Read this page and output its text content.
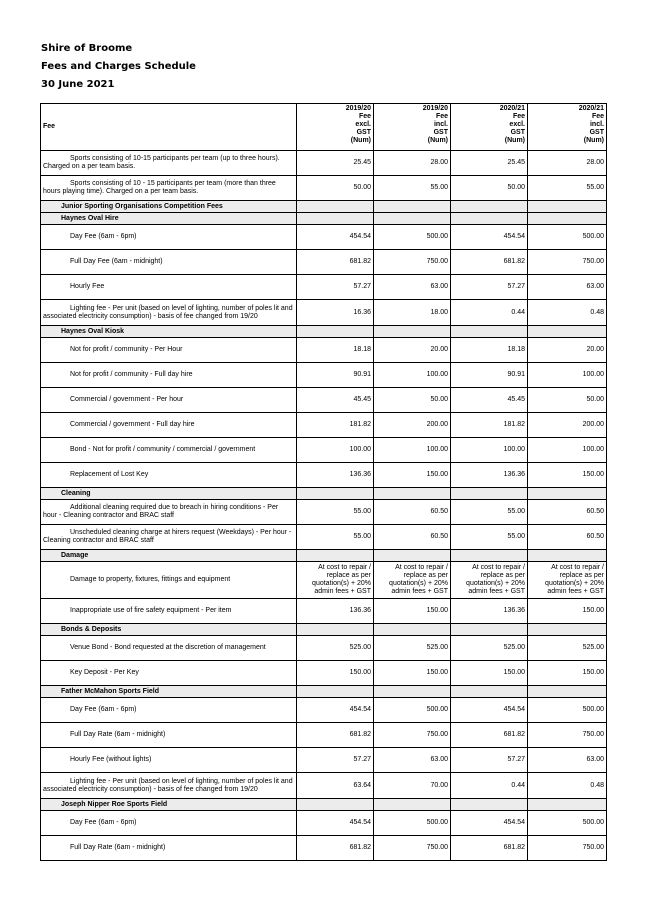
Shire of Broome
Fees and Charges Schedule
30 June 2021
Fee	2019/20
Fee
excl.
GST
(Num)	2019/20
Fee
incl.
GST
(Num)	2020/21
Fee
excl.
GST
(Num)	2020/21
Fee
incl.
GST
(Num)
Sports consisting of 10-15 participants per team (up to three hours). Charged on a per team basis.	25.45	28.00	25.45	28.00
Sports consisting of 10 - 15 participants per team (more than three hours playing time). Charged on a per team basis.	50.00	55.00	50.00	55.00
Junior Sporting Organisations Competition Fees				
Haynes Oval Hire				
Day Fee (6am - 6pm)	454.54	500.00	454.54	500.00
Full Day Fee (6am - midnight)	681.82	750.00	681.82	750.00
Hourly Fee	57.27	63.00	57.27	63.00
Lighting fee - Per unit (based on level of lighting, number of poles lit and associated electricity consumption) - basis of fee changed from 19/20	16.36	18.00	0.44	0.48
Haynes Oval Kiosk				
Not for profit / community - Per Hour	18.18	20.00	18.18	20.00
Not for profit / community - Full day hire	90.91	100.00	90.91	100.00
Commercial / government - Per hour	45.45	50.00	45.45	50.00
Commercial / government - Full day hire	181.82	200.00	181.82	200.00
Bond - Not for profit / community / commercial / government	100.00	100.00	100.00	100.00
Replacement of Lost Key	136.36	150.00	136.36	150.00
Cleaning				
Additional cleaning required due to breach in hiring conditions - Per hour - Cleaning contractor and BRAC staff	55.00	60.50	55.00	60.50
Unscheduled cleaning charge at hirers request (Weekdays) - Per hour - Cleaning contractor and BRAC staff	55.00	60.50	55.00	60.50
Damage				
Damage to property, fixtures, fittings and equipment	At cost to repair / replace as per quotation(s) + 20% admin fees + GST	At cost to repair / replace as per quotation(s) + 20% admin fees + GST	At cost to repair / replace as per quotation(s) + 20% admin fees + GST	At cost to repair / replace as per quotation(s) + 20% admin fees + GST
Inappropriate use of fire safety equipment - Per item	136.36	150.00	136.36	150.00
Bonds & Deposits				
Venue Bond - Bond requested at the discretion of management	525.00	525.00	525.00	525.00
Key Deposit - Per Key	150.00	150.00	150.00	150.00
Father McMahon Sports Field				
Day Fee (6am - 6pm)	454.54	500.00	454.54	500.00
Full Day Rate (6am - midnight)	681.82	750.00	681.82	750.00
Hourly Fee (without lights)	57.27	63.00	57.27	63.00
Lighting fee - Per unit (based on level of lighting, number of poles lit and associated electricity consumption) - basis of fee changed from 19/20	63.64	70.00	0.44	0.48
Joseph Nipper Roe Sports Field				
Day Fee (6am - 6pm)	454.54	500.00	454.54	500.00
Full Day Rate (6am - midnight)	681.82	750.00	681.82	750.00
